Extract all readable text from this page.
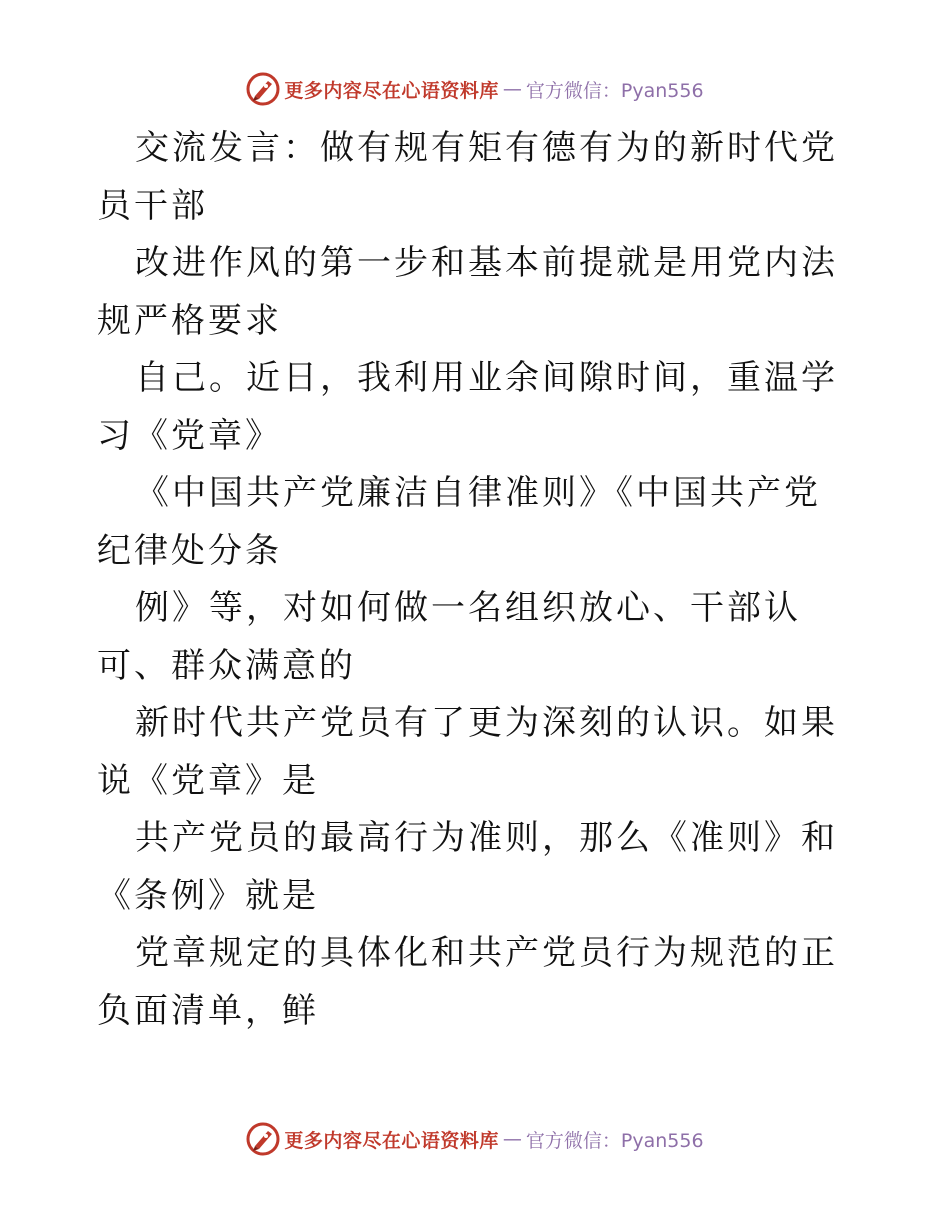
更多内容尽在心语资料库 — 官方微信：Pyan556

交流发言：做有规有矩有德有为的新时代党员干部

改进作风的第一步和基本前提就是用党内法规严格要求

自己。近日，我利用业余间隙时间，重温学习《党章》

《中国共产党廉洁自律准则》《中国共产党纪律处分条

例》等，对如何做一名组织放心、干部认可、群众满意的

新时代共产党员有了更为深刻的认识。如果说《党章》是

共产党员的最高行为准则，那么《准则》和《条例》就是

党章规定的具体化和共产党员行为规范的正负面清单，鲜

更多内容尽在心语资料库 — 官方微信：Pyan556
